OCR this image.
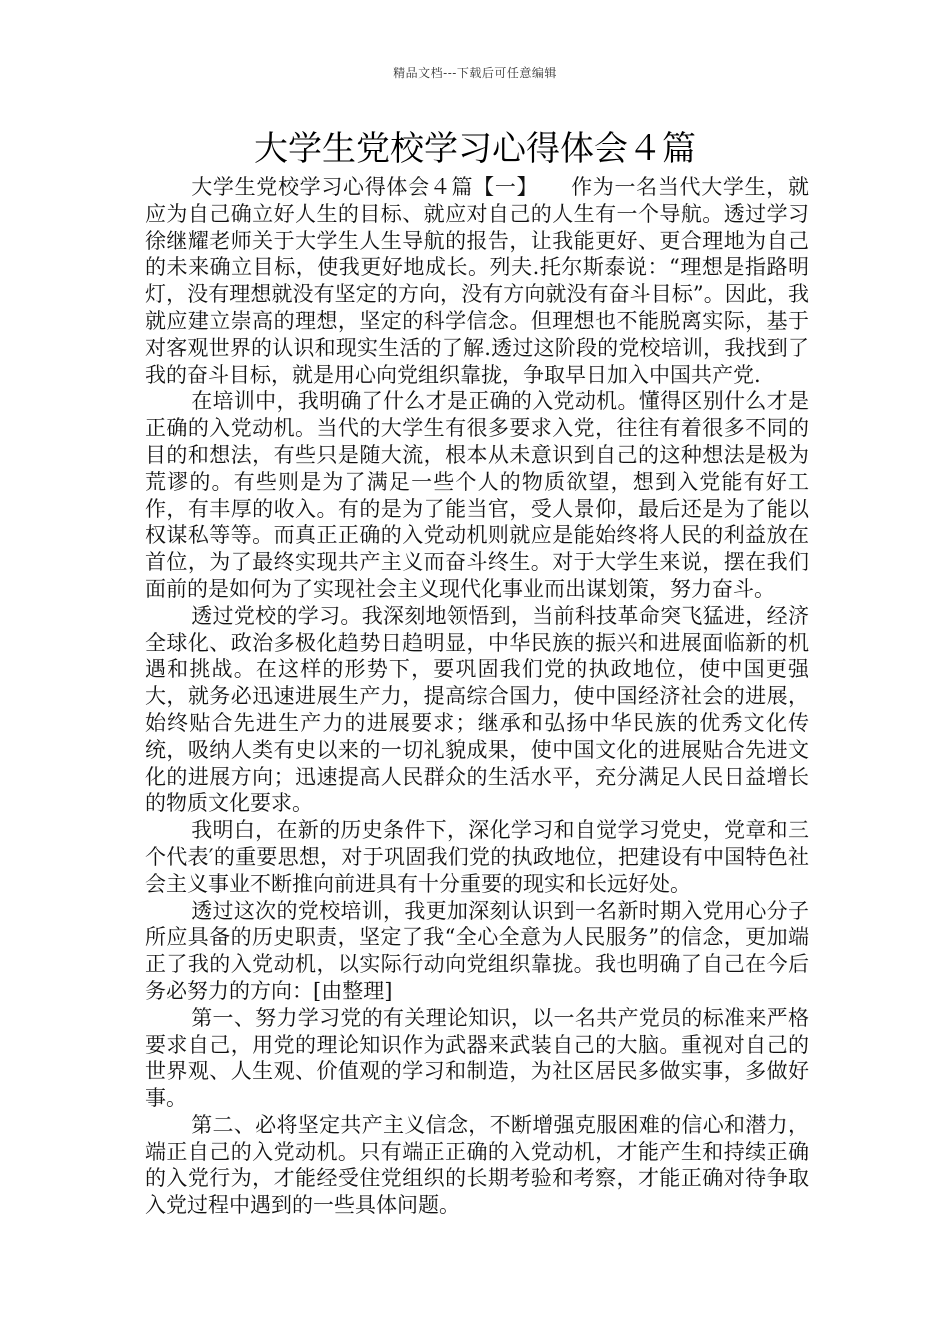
精品文档---下载后可任意编辑
大学生党校学习心得体会４篇

大学生党校学习心得体会４篇【一】　　作为一名当代大学生，就应为自己确立好人生的目标、就应对自己的人生有一个导航。透过学习徐继耀老师关于大学生人生导航的报告，让我能更好、更合理地为自己的未来确立目标，使我更好地成长。列夫.托尔斯泰说：“理想是指路明灯，没有理想就没有坚定的方向，没有方向就没有奋斗目标”。因此，我就应建立崇高的理想，坚定的科学信念。但理想也不能脱离实际，基于对客观世界的认识和现实生活的了解.透过这阶段的党校培训，我找到了我的奋斗目标，就是用心向党组织靠拢，争取早日加入中国共产党.

在培训中，我明确了什么才是正确的入党动机。懂得区别什么才是正确的入党动机。当代的大学生有很多要求入党，往往有着很多不同的目的和想法，有些只是随大流，根本从未意识到自己的这种想法是极为荒谬的。有些则是为了满足一些个人的物质欲望，想到入党能有好工作，有丰厚的收入。有的是为了能当官，受人景仰，最后还是为了能以权谋私等等。而真正正确的入党动机则就应是能始终将人民的利益放在首位，为了最终实现共产主义而奋斗终生。对于大学生来说，摆在我们面前的是如何为了实现社会主义现代化事业而出谋划策，努力奋斗。

透过党校的学习。我深刻地领悟到，当前科技革命突飞猛进，经济全球化、政治多极化趋势日趋明显，中华民族的振兴和进展面临新的机遇和挑战。在这样的形势下，要巩固我们党的执政地位，使中国更强大，就务必迅速进展生产力，提高综合国力，使中国经济社会的进展，始终贴合先进生产力的进展要求；继承和弘扬中华民族的优秀文化传统，吸纳人类有史以来的一切礼貌成果，使中国文化的进展贴合先进文化的进展方向；迅速提高人民群众的生活水平，充分满足人民日益增长的物质文化要求。

我明白，在新的历史条件下，深化学习和自觉学习党史，党章和三个代表′的重要思想，对于巩固我们党的执政地位，把建设有中国特色社会主义事业不断推向前进具有十分重要的现实和长远好处。

透过这次的党校培训，我更加深刻认识到一名新时期入党用心分子所应具备的历史职责，坚定了我“全心全意为人民服务”的信念，更加端正了我的入党动机，以实际行动向党组织靠拢。我也明确了自己在今后务必努力的方向：[由整理]

第一、努力学习党的有关理论知识，以一名共产党员的标准来严格要求自己，用党的理论知识作为武器来武装自己的大脑。重视对自己的世界观、人生观、价值观的学习和制造，为社区居民多做实事，多做好事。

第二、必将坚定共产主义信念，不断增强克服困难的信心和潜力，端正自己的入党动机。只有端正正确的入党动机，才能产生和持续正确的入党行为，才能经受住党组织的长期考验和考察，才能正确对待争取入党过程中遇到的一些具体问题。
